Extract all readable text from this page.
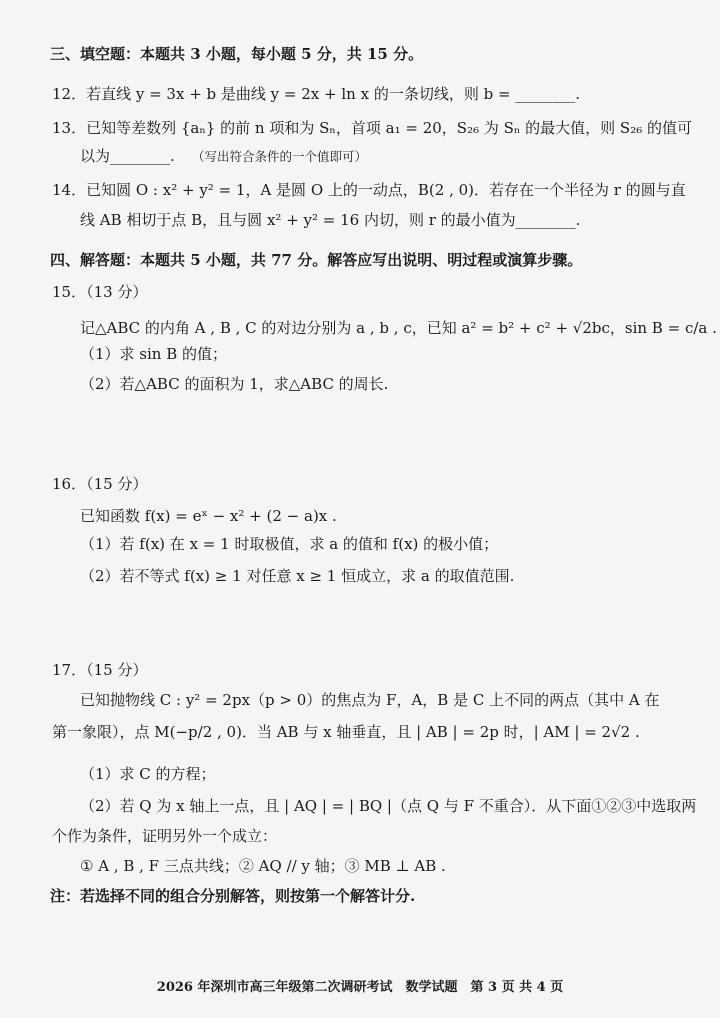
三、填空题：本题共 3 小题，每小题 5 分，共 15 分。
12．若直线 y = 3x + b 是曲线 y = 2x + ln x 的一条切线，则 b = ________.
13．已知等差数列 {aₙ} 的前 n 项和为 Sₙ，首项 a₁ = 20，S₂₆ 为 Sₙ 的最大值，则 S₂₆ 的值可
以为________. （写出符合条件的一个值即可）
14．已知圆 O : x² + y² = 1，A 是圆 O 上的一动点，B(2 , 0)．若存在一个半径为 r 的圆与直
线 AB 相切于点 B，且与圆 x² + y² = 16 内切，则 r 的最小值为________.
四、解答题：本题共 5 小题，共 77 分。解答应写出说明、明过程或演算步骤。
15．（13 分）
记△ABC 的内角 A , B , C 的对边分别为 a , b , c，已知 a² = b² + c² + √2bc，sin B = c/a .
（1）求 sin B 的值；
（2）若△ABC 的面积为 1，求△ABC 的周长.
16．（15 分）
已知函数 f(x) = eˣ − x² + (2 − a)x .
（1）若 f(x) 在 x = 1 时取极值，求 a 的值和 f(x) 的极小值；
（2）若不等式 f(x) ≥ 1 对任意 x ≥ 1 恒成立，求 a 的取值范围.
17．（15 分）
已知抛物线 C : y² = 2px（p > 0）的焦点为 F，A，B 是 C 上不同的两点（其中 A 在
第一象限），点 M(−p/2 , 0)．当 AB 与 x 轴垂直，且 | AB | = 2p 时，| AM | = 2√2 .
（1）求 C 的方程；
（2）若 Q 为 x 轴上一点，且 | AQ | = | BQ |（点 Q 与 F 不重合）．从下面①②③中选取两
个作为条件，证明另外一个成立：
① A , B , F 三点共线；② AQ // y 轴；③ MB ⊥ AB .
注：若选择不同的组合分别解答，则按第一个解答计分.
2026 年深圳市高三年级第二次调研考试　数学试题　第 3 页 共 4 页
